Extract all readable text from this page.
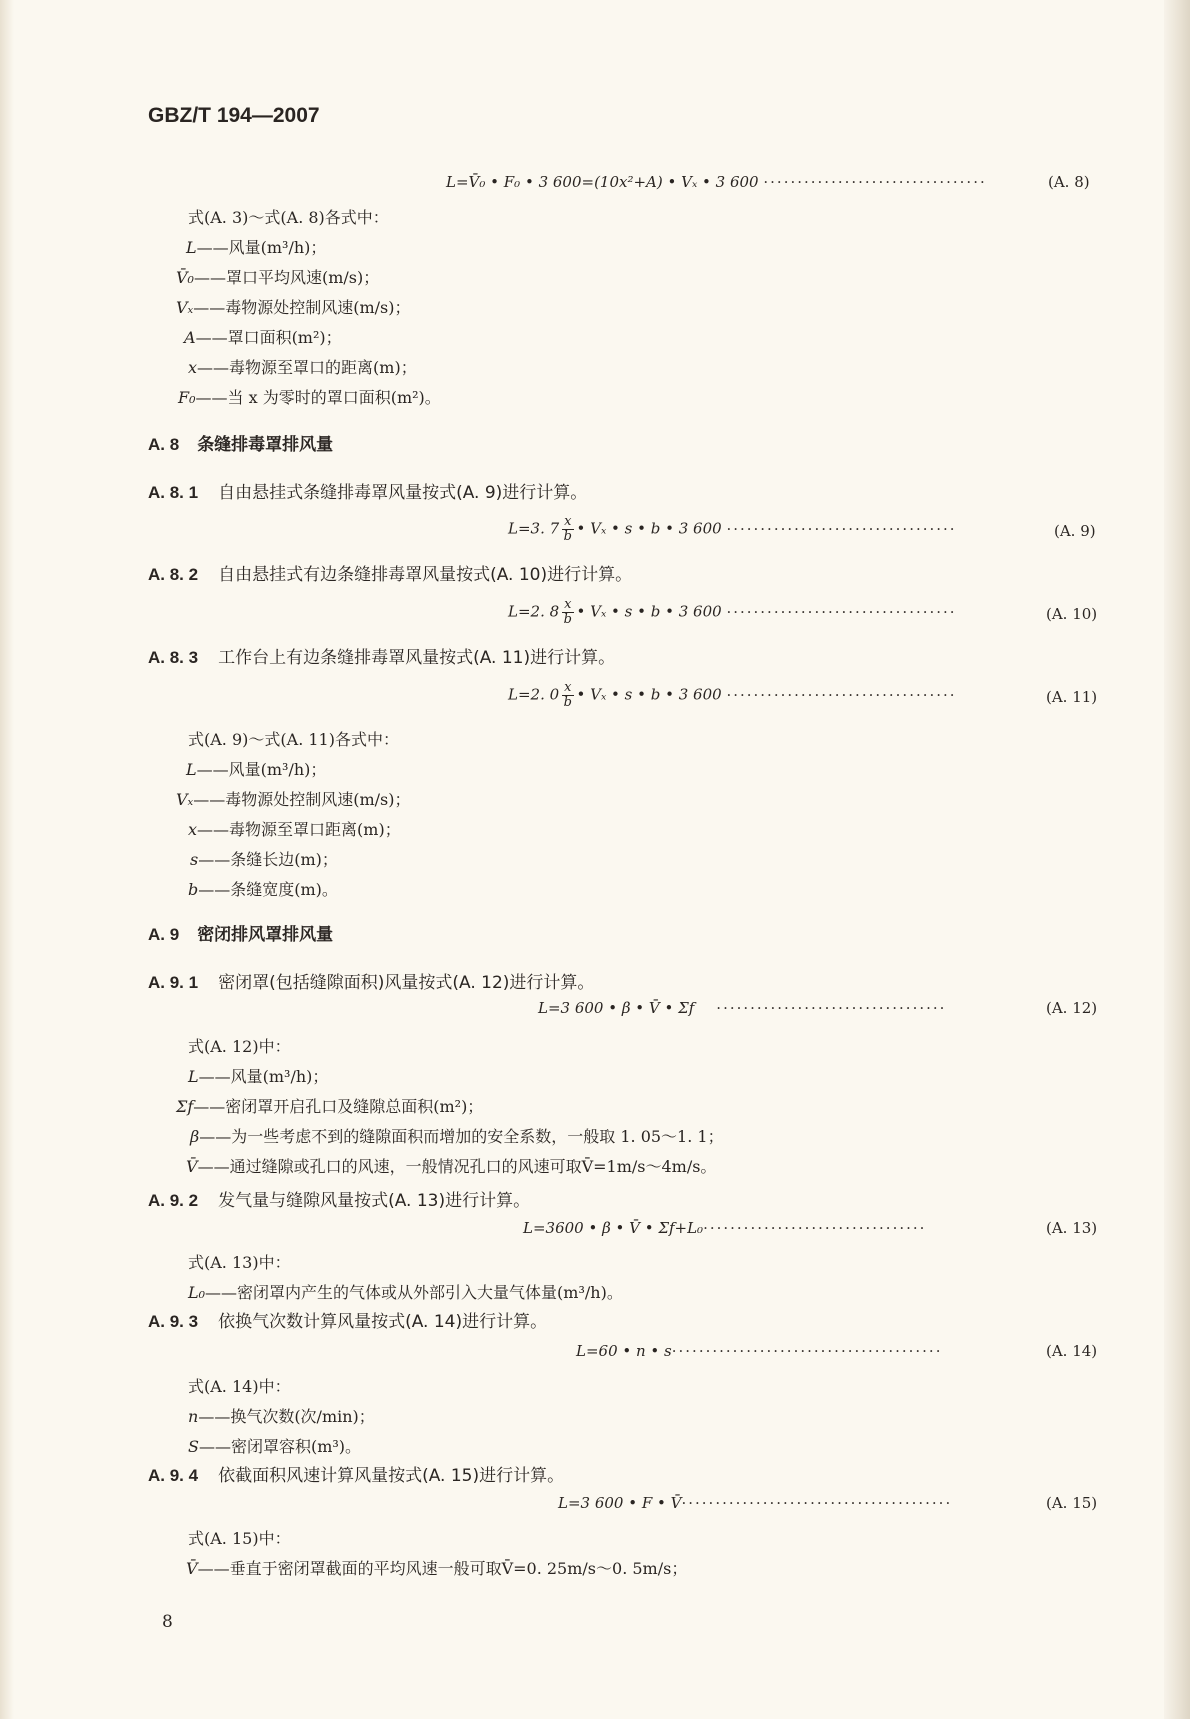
GBZ/T 194—2007
L=V̄₀ • F₀ • 3 600=(10x²+A) • Vₓ • 3 600 ·································	(A. 8)
式(A. 3)～式(A. 8)各式中：
L——风量(m³/h)；
V̄₀——罩口平均风速(m/s)；
Vₓ——毒物源处控制风速(m/s)；
A——罩口面积(m²)；
x——毒物源至罩口的距离(m)；
F₀——当 x 为零时的罩口面积(m²)。
A. 8 条缝排毒罩排风量
A. 8. 1 自由悬挂式条缝排毒罩风量按式(A. 9)进行计算。
L=3. $7 \frac{x}{b}$ • Vₓ • s • b • 3 600 ··································	(A. 9)
A. 8. 2 自由悬挂式有边条缝排毒罩风量按式(A. 10)进行计算。
L=2. $8 \frac{x}{b}$ • Vₓ • s • b • 3 600 ··································	(A. 10)
A. 8. 3 工作台上有边条缝排毒罩风量按式(A. 11)进行计算。
L=2. $0 \frac{x}{b}$ • Vₓ • s • b • 3 600 ··································	(A. 11)
式(A. 9)～式(A. 11)各式中：
L——风量(m³/h)；
Vₓ——毒物源处控制风速(m/s)；
x——毒物源至罩口距离(m)；
s——条缝长边(m)；
b——条缝宽度(m)。
A. 9 密闭排风罩排风量
A. 9. 1 密闭罩(包括缝隙面积)风量按式(A. 12)进行计算。
L=3 600 • β • V̄ • Σf ··································	(A. 12)
式(A. 12)中：
L——风量(m³/h)；
Σf——密闭罩开启孔口及缝隙总面积(m²)；
β——为一些考虑不到的缝隙面积而增加的安全系数，一般取 1. 05～1. 1；
V̄——通过缝隙或孔口的风速，一般情况孔口的风速可取V̄=1m/s～4m/s。
A. 9. 2 发气量与缝隙风量按式(A. 13)进行计算。
L=3600 • β • V̄ • Σf+L₀·································	(A. 13)
式(A. 13)中：
L₀——密闭罩内产生的气体或从外部引入大量气体量(m³/h)。
A. 9. 3 依换气次数计算风量按式(A. 14)进行计算。
L=60 • n • s········································	(A. 14)
式(A. 14)中：
n——换气次数(次/min)；
S——密闭罩容积(m³)。
A. 9. 4 依截面积风速计算风量按式(A. 15)进行计算。
L=3 600 • F • V̄········································	(A. 15)
式(A. 15)中：
V̄——垂直于密闭罩截面的平均风速一般可取V̄=0. 25m/s～0. 5m/s；
8
